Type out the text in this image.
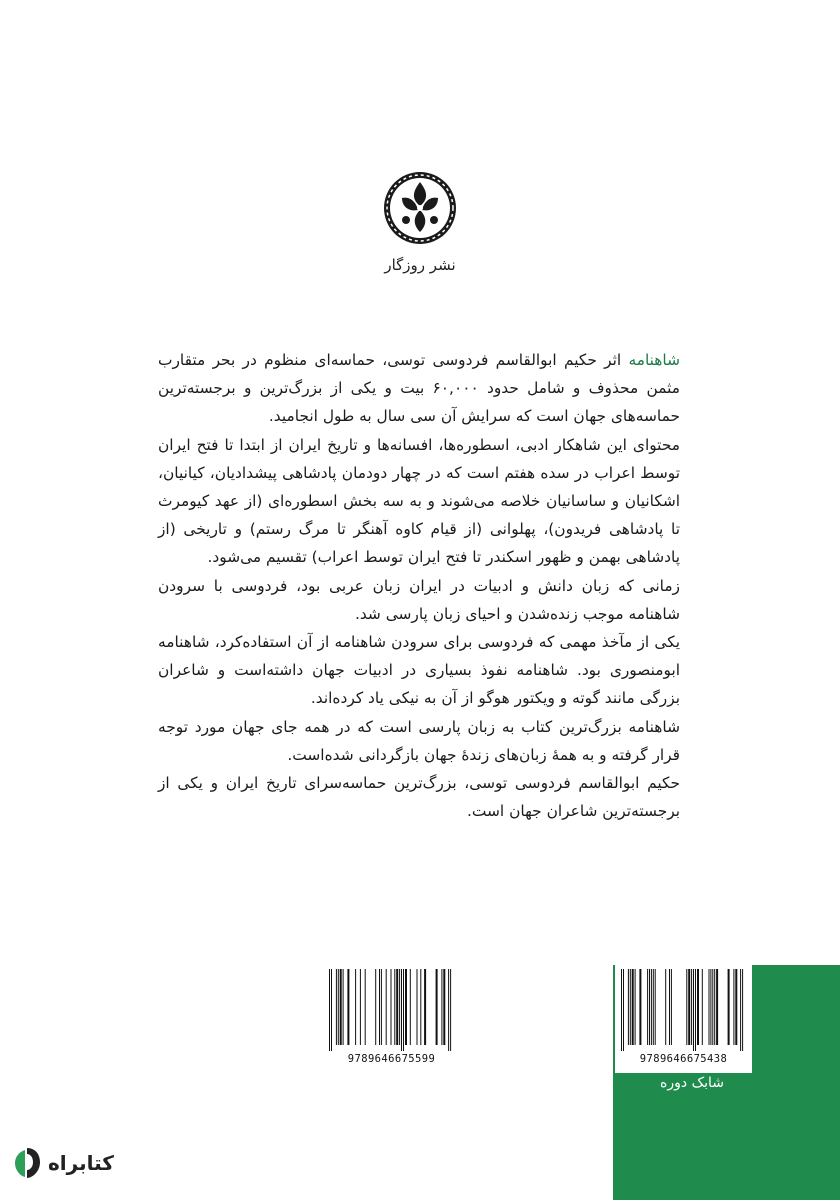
نشر روزگار

شاهنامه اثر حکیم ابوالقاسم فردوسی توسی، حماسه‌ای منظوم در بحر متقارب مثمن محذوف و شامل حدود ۶۰,۰۰۰ بیت و یکی از بزرگ‌ترین و برجسته‌ترین حماسه‌های جهان است که سرایش آن سی سال به طول انجامید.

محتوای این شاهکار ادبی، اسطوره‌ها، افسانه‌ها و تاریخ ایران از ابتدا تا فتح ایران توسط اعراب در سده هفتم است که در چهار دودمان پادشاهی پیشدادیان، کیانیان، اشکانیان و ساسانیان خلاصه می‌شوند و به سه بخش اسطوره‌ای (از عهد کیومرث تا پادشاهی فریدون)، پهلوانی (از قیام کاوه آهنگر تا مرگ رستم) و تاریخی (از پادشاهی بهمن و ظهور اسکندر تا فتح ایران توسط اعراب) تقسیم می‌شود.

زمانی که زبان دانش و ادبیات در ایران زبان عربی بود، فردوسی با سرودن شاهنامه موجب زنده‌شدن و احیای زبان پارسی شد.

یکی از مآخذ مهمی که فردوسی برای سرودن شاهنامه از آن استفاده‌کرد، شاهنامه ابومنصوری بود. شاهنامه نفوذ بسیاری در ادبیات جهان داشته‌است و شاعران بزرگی مانند گوته و ویکتور هوگو از آن به نیکی یاد کرده‌اند.

شاهنامه بزرگ‌ترین کتاب به زبان پارسی است که در همه جای جهان مورد توجه قرار گرفته و به همهٔ زبان‌های زندهٔ جهان بازگردانی شده‌است.

حکیم ابوالقاسم فردوسی توسی، بزرگ‌ترین حماسه‌سرای تاریخ ایران و یکی از برجسته‌ترین شاعران جهان است.

شابک دوره
9789646675599	9789646675438
کتابراه
